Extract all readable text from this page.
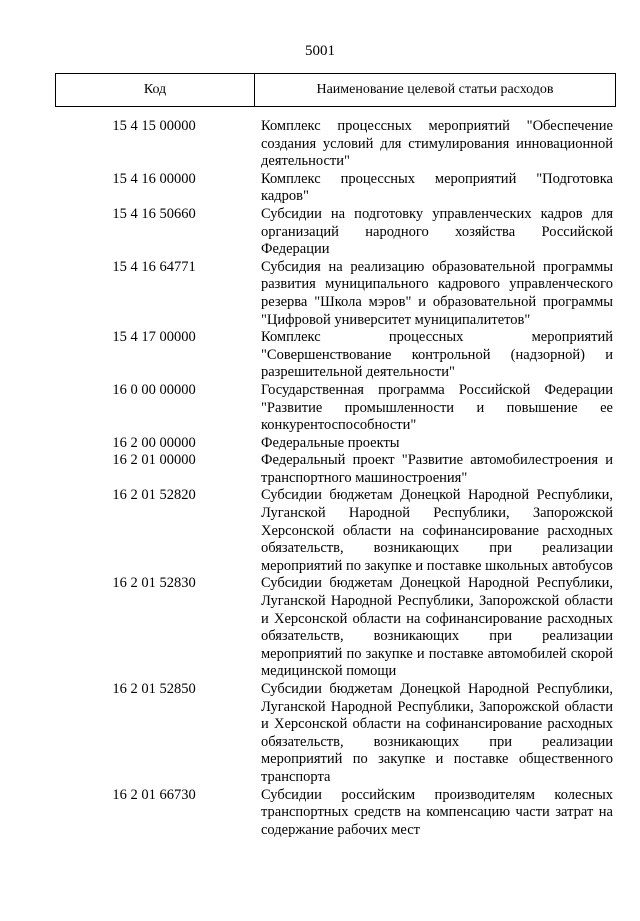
5001
Код	Наименование целевой статьи расходов
15 4 15 00000	Комплекс процессных мероприятий "Обеспечение создания условий для стимулирования инновационной деятельности"
15 4 16 00000	Комплекс процессных мероприятий "Подготовка кадров"
15 4 16 50660	Субсидии на подготовку управленческих кадров для организаций народного хозяйства Российской Федерации
15 4 16 64771	Субсидия на реализацию образовательной программы развития муниципального кадрового управленческого резерва "Школа мэров" и образовательной программы "Цифровой университет муниципалитетов"
15 4 17 00000	Комплекс процессных мероприятий "Совершенствование контрольной (надзорной) и разрешительной деятельности"
16 0 00 00000	Государственная программа Российской Федерации "Развитие промышленности и повышение ее конкурентоспособности"
16 2 00 00000	Федеральные проекты
16 2 01 00000	Федеральный проект "Развитие автомобилестроения и транспортного машиностроения"
16 2 01 52820	Субсидии бюджетам Донецкой Народной Республики, Луганской Народной Республики, Запорожской Херсонской области на софинансирование расходных обязательств, возникающих при реализации мероприятий по закупке и поставке школьных автобусов
16 2 01 52830	Субсидии бюджетам Донецкой Народной Республики, Луганской Народной Республики, Запорожской области и Херсонской области на софинансирование расходных обязательств, возникающих при реализации мероприятий по закупке и поставке автомобилей скорой медицинской помощи
16 2 01 52850	Субсидии бюджетам Донецкой Народной Республики, Луганской Народной Республики, Запорожской области и Херсонской области на софинансирование расходных обязательств, возникающих при реализации мероприятий по закупке и поставке общественного транспорта
16 2 01 66730	Субсидии российским производителям колесных транспортных средств на компенсацию части затрат на содержание рабочих мест
